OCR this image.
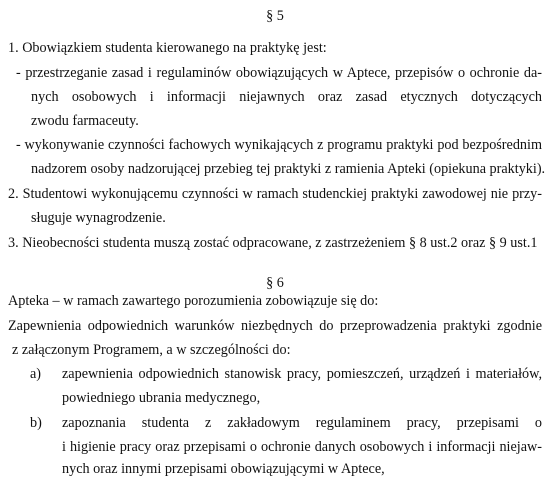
§ 5
1. Obowiązkiem studenta kierowanego na praktykę jest:
- przestrzeganie zasad i regulaminów obowiązujących w Aptece, przepisów o ochronie da-
nych osobowych i informacji niejawnych oraz zasad etycznych dotyczących
zwodu farmaceuty.
- wykonywanie czynności fachowych wynikających z programu praktyki pod bezpośrednim
nadzorem osoby nadzorującej przebieg tej praktyki z ramienia Apteki (opiekuna praktyki).
2. Studentowi wykonującemu czynności w ramach studenckiej praktyki zawodowej nie przy-
sługuje wynagrodzenie.
3. Nieobecności studenta muszą zostać odpracowane, z zastrzeżeniem § 8 ust.2 oraz § 9 ust.1
§ 6
Apteka – w ramach zawartego porozumienia zobowiązuje się do:
Zapewnienia odpowiednich warunków niezbędnych do przeprowadzenia praktyki zgodnie
z załączonym Programem, a w szczególności do:
a) zapewnienia odpowiednich stanowisk pracy, pomieszczeń, urządzeń i materiałów,
powiedniego ubrania medycznego,
b) zapoznania studenta z zakładowym regulaminem pracy, przepisami o
i higienie pracy oraz przepisami o ochronie danych osobowych i informacji niejaw-
nych oraz innymi przepisami obowiązującymi w Aptece,
